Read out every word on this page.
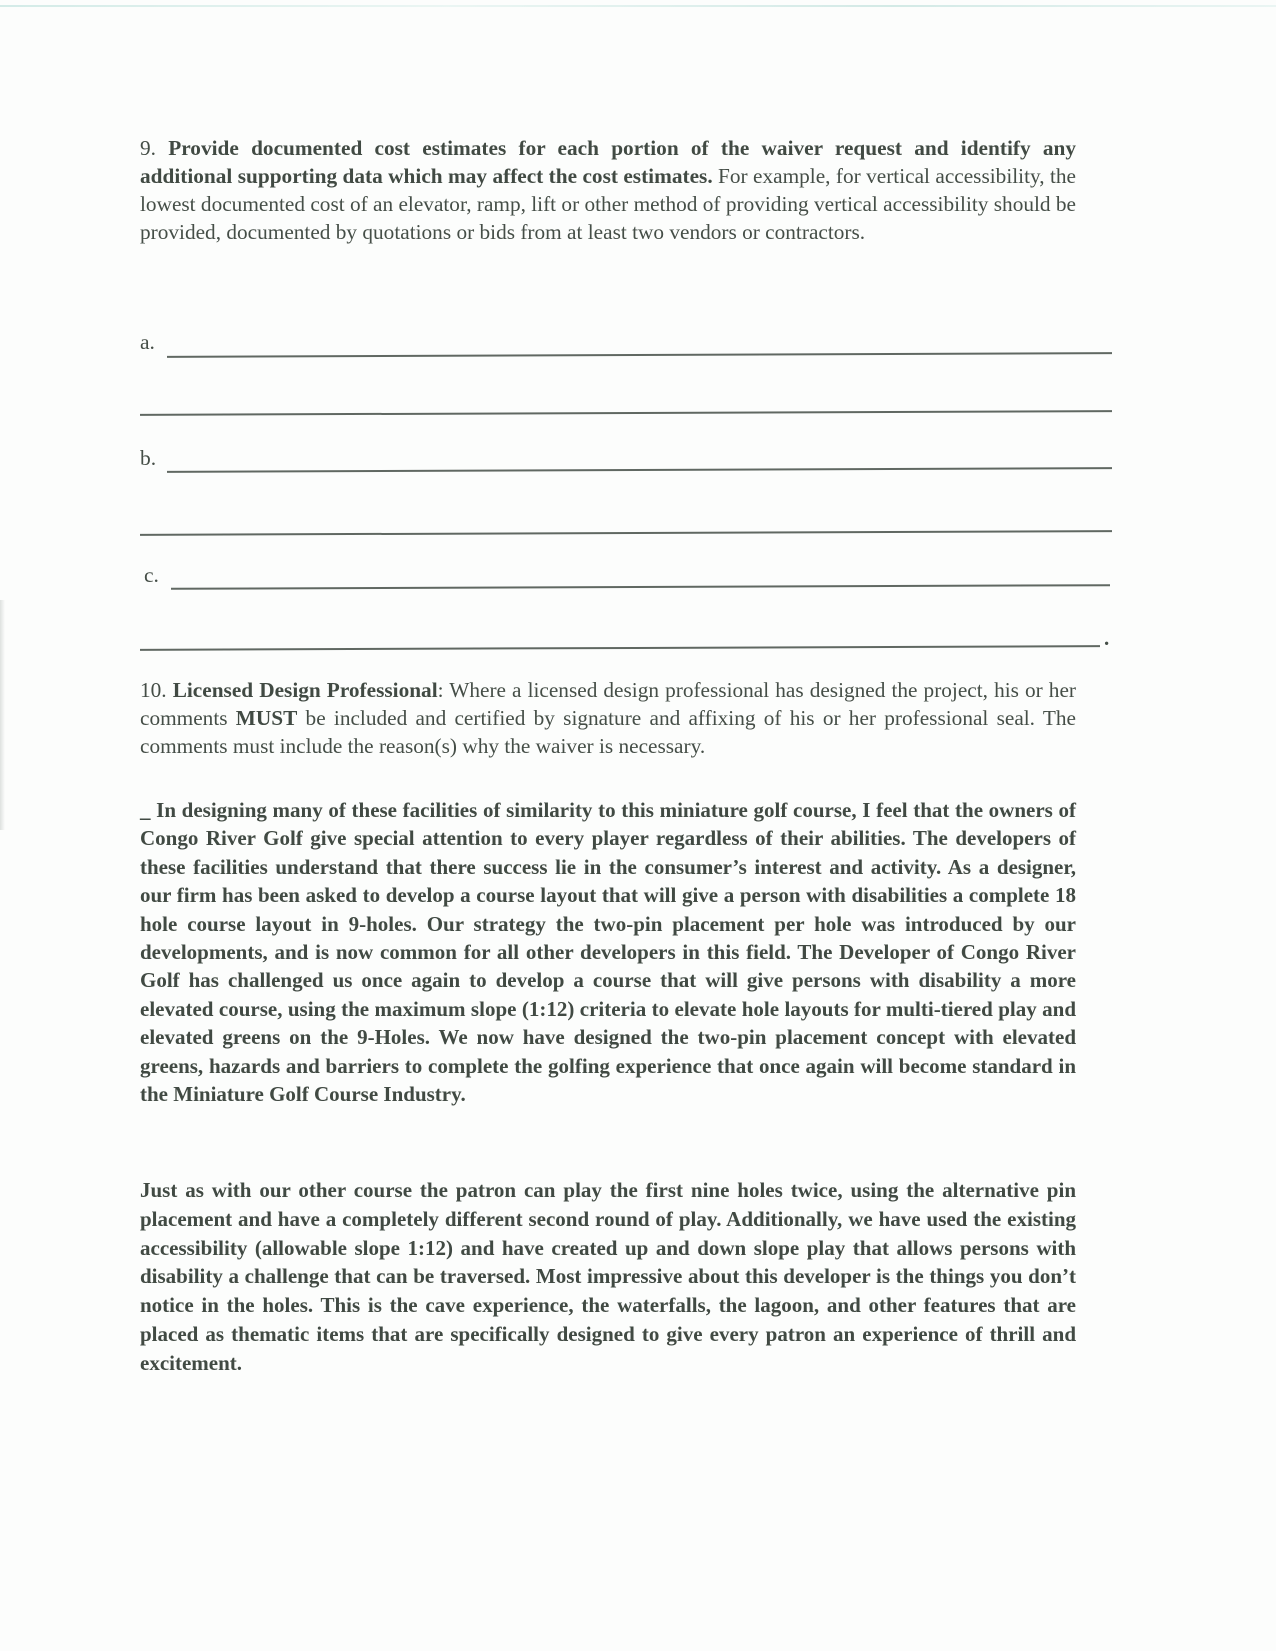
9. Provide documented cost estimates for each portion of the waiver request and identify any additional supporting data which may affect the cost estimates. For example, for vertical accessibility, the lowest documented cost of an elevator, ramp, lift or other method of providing vertical accessibility should be provided, documented by quotations or bids from at least two vendors or contractors.

a.
b.
c.
.

10. Licensed Design Professional: Where a licensed design professional has designed the project, his or her comments MUST be included and certified by signature and affixing of his or her professional seal. The comments must include the reason(s) why the waiver is necessary.

_ In designing many of these facilities of similarity to this miniature golf course, I feel that the owners of Congo River Golf give special attention to every player regardless of their abilities. The developers of these facilities understand that there success lie in the consumer’s interest and activity. As a designer, our firm has been asked to develop a course layout that will give a person with disabilities a complete 18 hole course layout in 9-holes. Our strategy the two-pin placement per hole was introduced by our developments, and is now common for all other developers in this field. The Developer of Congo River Golf has challenged us once again to develop a course that will give persons with disability a more elevated course, using the maximum slope (1:12) criteria to elevate hole layouts for multi-tiered play and elevated greens on the 9-Holes. We now have designed the two-pin placement concept with elevated greens, hazards and barriers to complete the golfing experience that once again will become standard in the Miniature Golf Course Industry.

Just as with our other course the patron can play the first nine holes twice, using the alternative pin placement and have a completely different second round of play. Additionally, we have used the existing accessibility (allowable slope 1:12) and have created up and down slope play that allows persons with disability a challenge that can be traversed. Most impressive about this developer is the things you don’t notice in the holes. This is the cave experience, the waterfalls, the lagoon, and other features that are placed as thematic items that are specifically designed to give every patron an experience of thrill and excitement.
